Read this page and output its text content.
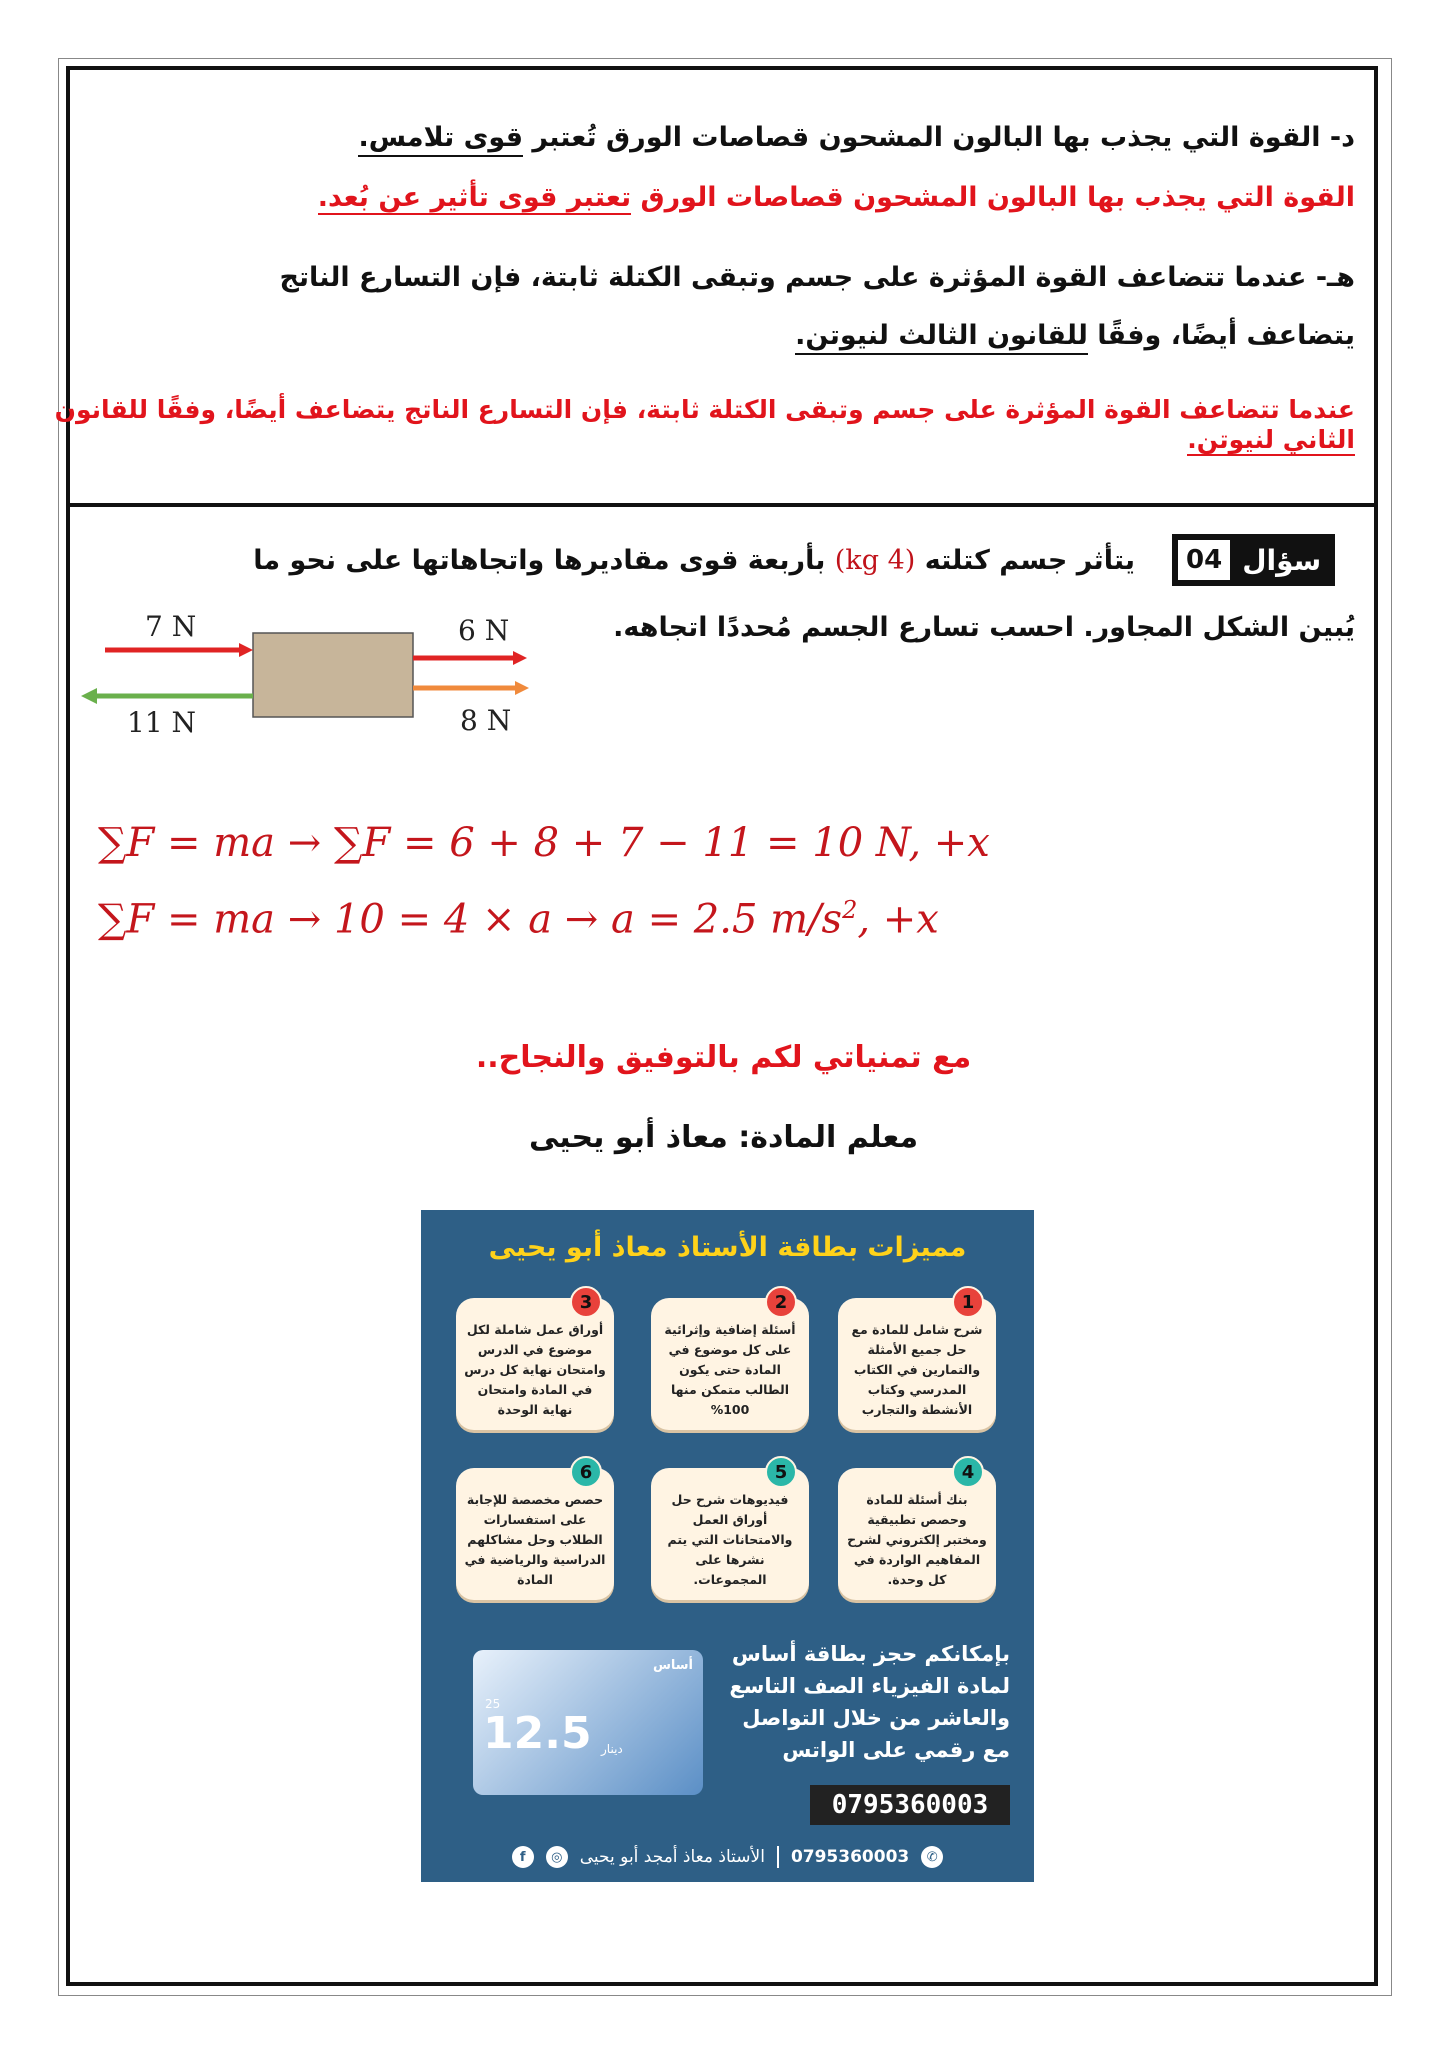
د- القوة التي يجذب بها البالون المشحون قصاصات الورق تُعتبر قوى تلامس.
القوة التي يجذب بها البالون المشحون قصاصات الورق تعتبر قوى تأثير عن بُعد.
هـ- عندما تتضاعف القوة المؤثرة على جسم وتبقى الكتلة ثابتة، فإن التسارع الناتج
يتضاعف أيضًا، وفقًا للقانون الثالث لنيوتن.
عندما تتضاعف القوة المؤثرة على جسم وتبقى الكتلة ثابتة، فإن التسارع الناتج يتضاعف أيضًا، وفقًا للقانون
الثاني لنيوتن.
04 سؤال
يتأثر جسم كتلته (4 kg) بأربعة قوى مقاديرها واتجاهاتها على نحو ما
يُبين الشكل المجاور. احسب تسارع الجسم مُحددًا اتجاهه.
7 N	6 N
11 N	8 N
∑F = ma → ∑F = 6 + 8 + 7 − 11 = 10 N, +x
∑F = ma → 10 = 4 × a → a = 2.5 $m/s^2$, +x
مع تمنياتي لكم بالتوفيق والنجاح..
معلم المادة: معاذ أبو يحيى
مميزات بطاقة الأستاذ معاذ أبو يحيى
1
شرح شامل للمادة مع حل جميع الأمثلة والتمارين في الكتاب المدرسي وكتاب الأنشطة والتجارب
2
أسئلة إضافية وإثرائية على كل موضوع في المادة حتى يكون الطالب متمكن منها 100%
3
أوراق عمل شاملة لكل موضوع في الدرس وامتحان نهاية كل درس في المادة وامتحان نهاية الوحدة
4
بنك أسئلة للمادة وحصص تطبيقية ومختبر إلكتروني لشرح المفاهيم الواردة في كل وحدة.
5
فيديوهات شرح حل أوراق العمل والامتحانات التي يتم نشرها على المجموعات.
6
حصص مخصصة للإجابة على استفسارات الطلاب وحل مشاكلهم الدراسية والرياضية في المادة
أساس
25
12.5 دينار
بإمكانكم حجز بطاقة أساس لمادة الفيزياء الصف التاسع والعاشر من خلال التواصل مع رقمي على الواتس
0795360003
f	◎	الأستاذ معاذ أمجد أبو يحيى 0795360003	✆
